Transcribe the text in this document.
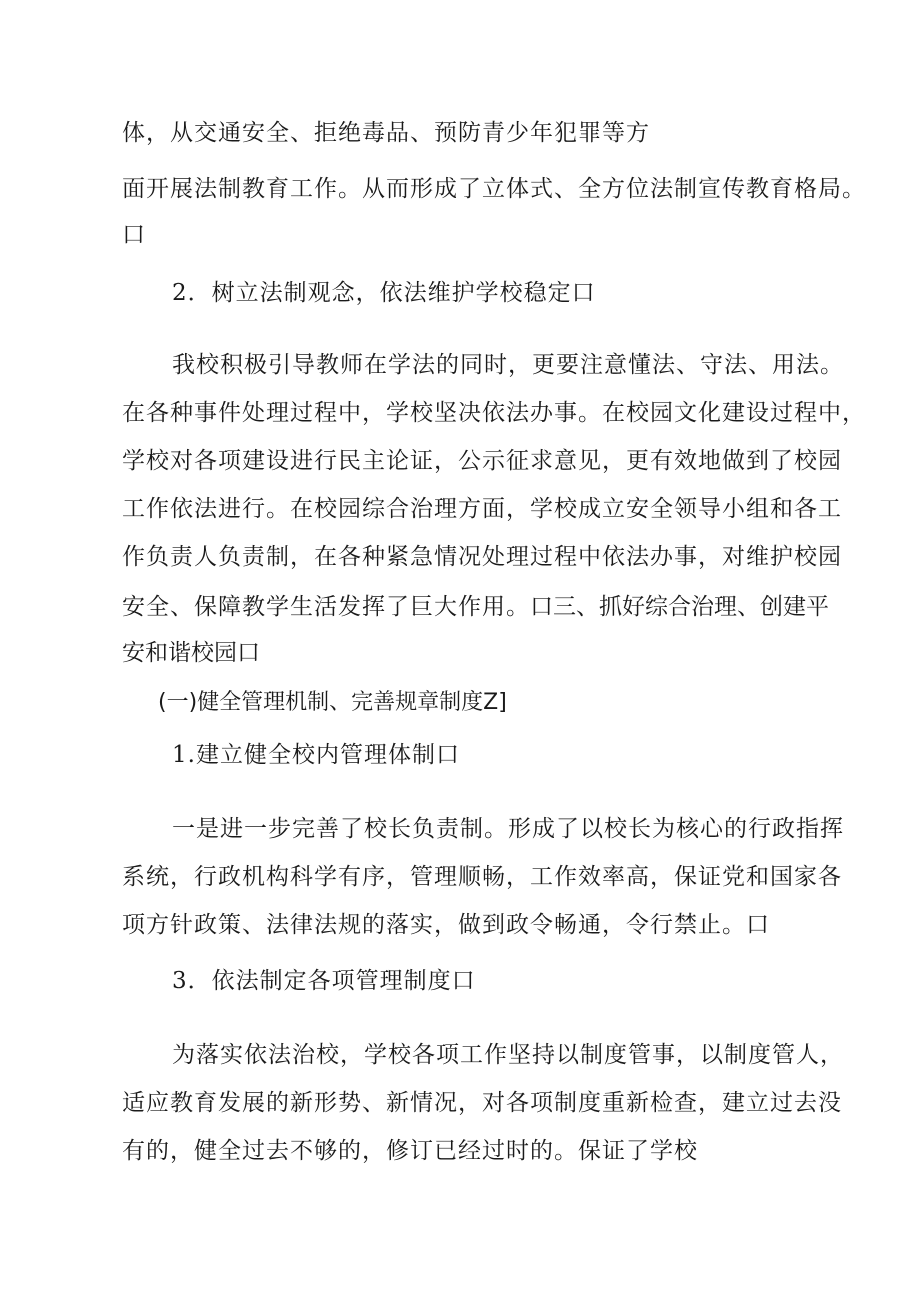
体，从交通安全、拒绝毒品、预防青少年犯罪等方
面开展法制教育工作。从而形成了立体式、全方位法制宣传教育格局。
口
2．树立法制观念，依法维护学校稳定口
我校积极引导教师在学法的同时，更要注意懂法、守法、用法。
在各种事件处理过程中，学校坚决依法办事。在校园文化建设过程中，
学校对各项建设进行民主论证，公示征求意见，更有效地做到了校园
工作依法进行。在校园综合治理方面，学校成立安全领导小组和各工
作负责人负责制，在各种紧急情况处理过程中依法办事，对维护校园
安全、保障教学生活发挥了巨大作用。口三、抓好综合治理、创建平
安和谐校园口
(一)健全管理机制、完善规章制度Z]
1.建立健全校内管理体制口
一是进一步完善了校长负责制。形成了以校长为核心的行政指挥
系统，行政机构科学有序，管理顺畅，工作效率高，保证党和国家各
项方针政策、法律法规的落实，做到政令畅通，令行禁止。口
3．依法制定各项管理制度口
为落实依法治校，学校各项工作坚持以制度管事，以制度管人，
适应教育发展的新形势、新情况，对各项制度重新检查，建立过去没
有的，健全过去不够的，修订已经过时的。保证了学校
